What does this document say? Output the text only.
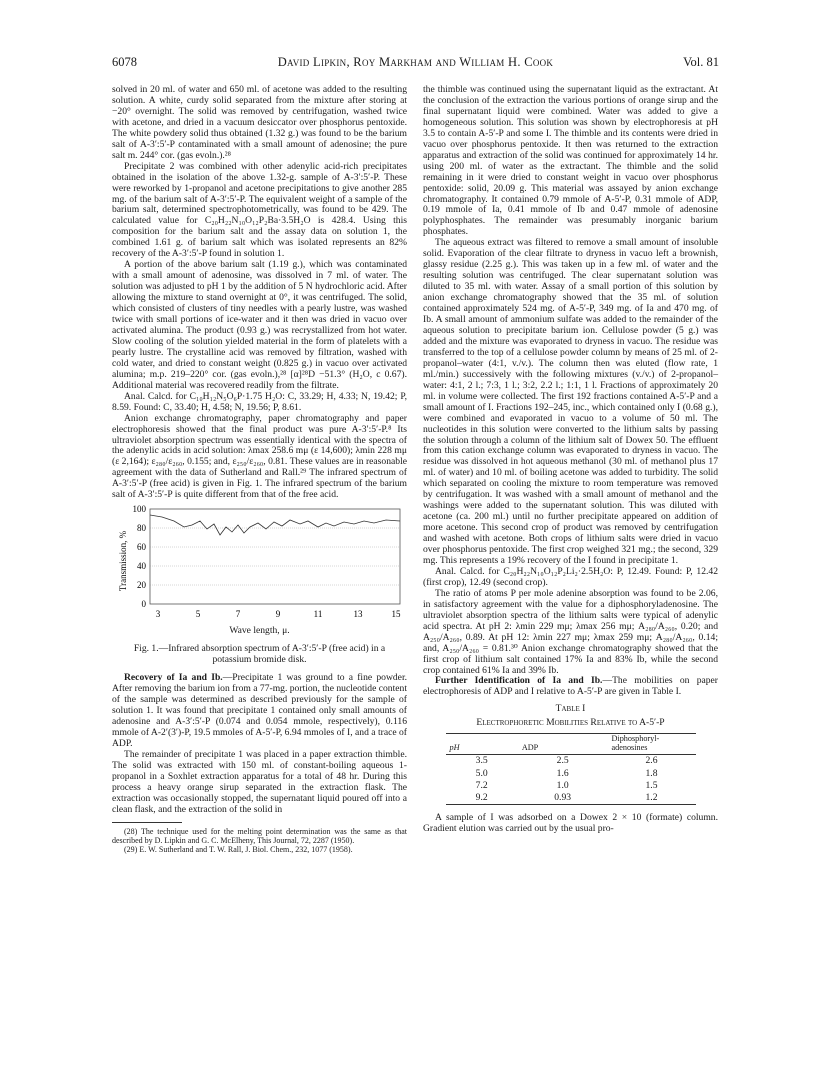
6078	David Lipkin, Roy Markham and William H. Cook	Vol. 81

solved in 20 ml. of water and 650 ml. of acetone was added to the resulting solution. A white, curdy solid separated from the mixture after storing at −20° overnight. The solid was removed by centrifugation, washed twice with acetone, and dried in a vacuum desiccator over phosphorus pentoxide. The white powdery solid thus obtained (1.32 g.) was found to be the barium salt of A-3′:5′-P contaminated with a small amount of adenosine; the pure salt m. 244° cor. (gas evoln.).²⁸

Precipitate 2 was combined with other adenylic acid-rich precipitates obtained in the isolation of the above 1.32-g. sample of A-3′:5′-P. These were reworked by 1-propanol and acetone precipitations to give another 285 mg. of the barium salt of A-3′:5′-P. The equivalent weight of a sample of the barium salt, determined spectrophotometrically, was found to be 429. The calculated value for C₂₀H₂₂N₁₀O₁₂P₂Ba·3.5H₂O is 428.4. Using this composition for the barium salt and the assay data on solution 1, the combined 1.61 g. of barium salt which was isolated represents an 82% recovery of the A-3′:5′-P found in solution 1.

A portion of the above barium salt (1.19 g.), which was contaminated with a small amount of adenosine, was dissolved in 7 ml. of water. The solution was adjusted to pH 1 by the addition of 5 N hydrochloric acid. After allowing the mixture to stand overnight at 0°, it was centrifuged. The solid, which consisted of clusters of tiny needles with a pearly lustre, was washed twice with small portions of ice-water and it then was dried in vacuo over activated alumina. The product (0.93 g.) was recrystallized from hot water. Slow cooling of the solution yielded material in the form of platelets with a pearly lustre. The crystalline acid was removed by filtration, washed with cold water, and dried to constant weight (0.825 g.) in vacuo over activated alumina; m.p. 219–220° cor. (gas evoln.),²⁸ [α]²⁸D −51.3° (H₂O, c 0.67). Additional material was recovered readily from the filtrate.

Anal. Calcd. for C₁₀H₁₂N₅O₆P·1.75 H₂O: C, 33.29; H, 4.33; N, 19.42; P, 8.59. Found: C, 33.40; H, 4.58; N, 19.56; P, 8.61.

Anion exchange chromatography, paper chromatography and paper electrophoresis showed that the final product was pure A-3′:5′-P.⁸ Its ultraviolet absorption spectrum was essentially identical with the spectra of the adenylic acids in acid solution: λmax 258.6 mμ (ε 14,600); λmin 228 mμ (ε 2,164); ε₂₈₀/ε₂₆₀, 0.155; and, ε₂₅₀/ε₂₆₀, 0.81. These values are in reasonable agreement with the data of Sutherland and Rall.²⁹ The infrared spectrum of A-3′:5′-P (free acid) is given in Fig. 1. The infrared spectrum of the barium salt of A-3′:5′-P is quite different from that of the free acid.

Transmission, %
100
80
60
40
20
0
3	5	7	9	11	13	15
Wave length, μ.
Fig. 1.—Infrared absorption spectrum of A-3′:5′-P (free acid) in a potassium bromide disk.

Recovery of Ia and Ib.—Precipitate 1 was ground to a fine powder. After removing the barium ion from a 77-mg. portion, the nucleotide content of the sample was determined as described previously for the sample of solution 1. It was found that precipitate 1 contained only small amounts of adenosine and A-3′:5′-P (0.074 and 0.054 mmole, respectively), 0.116 mmole of A-2′(3′)-P, 19.5 mmoles of A-5′-P, 6.94 mmoles of I, and a trace of ADP.

The remainder of precipitate 1 was placed in a paper extraction thimble. The solid was extracted with 150 ml. of constant-boiling aqueous 1-propanol in a Soxhlet extraction apparatus for a total of 48 hr. During this process a heavy orange sirup separated in the extraction flask. The extraction was occasionally stopped, the supernatant liquid poured off into a clean flask, and the extraction of the solid in

(28) The technique used for the melting point determination was the same as that described by D. Lipkin and G. C. McElheny, This Journal, 72, 2287 (1950).

(29) E. W. Sutherland and T. W. Rall, J. Biol. Chem., 232, 1077 (1958).

the thimble was continued using the supernatant liquid as the extractant. At the conclusion of the extraction the various portions of orange sirup and the final supernatant liquid were combined. Water was added to give a homogeneous solution. This solution was shown by electrophoresis at pH 3.5 to contain A-5′-P and some I. The thimble and its contents were dried in vacuo over phosphorus pentoxide. It then was returned to the extraction apparatus and extraction of the solid was continued for approximately 14 hr. using 200 ml. of water as the extractant. The thimble and the solid remaining in it were dried to constant weight in vacuo over phosphorus pentoxide: solid, 20.09 g. This material was assayed by anion exchange chromatography. It contained 0.79 mmole of A-5′-P, 0.31 mmole of ADP, 0.19 mmole of Ia, 0.41 mmole of Ib and 0.47 mmole of adenosine polyphosphates. The remainder was presumably inorganic barium phosphates.

The aqueous extract was filtered to remove a small amount of insoluble solid. Evaporation of the clear filtrate to dryness in vacuo left a brownish, glassy residue (2.25 g.). This was taken up in a few ml. of water and the resulting solution was centrifuged. The clear supernatant solution was diluted to 35 ml. with water. Assay of a small portion of this solution by anion exchange chromatography showed that the 35 ml. of solution contained approximately 524 mg. of A-5′-P, 349 mg. of Ia and 470 mg. of Ib. A small amount of ammonium sulfate was added to the remainder of the aqueous solution to precipitate barium ion. Cellulose powder (5 g.) was added and the mixture was evaporated to dryness in vacuo. The residue was transferred to the top of a cellulose powder column by means of 25 ml. of 2-propanol–water (4:1, v./v.). The column then was eluted (flow rate, 1 ml./min.) successively with the following mixtures (v./v.) of 2-propanol–water: 4:1, 2 l.; 7:3, 1 l.; 3:2, 2.2 l.; 1:1, 1 l. Fractions of approximately 20 ml. in volume were collected. The first 192 fractions contained A-5′-P and a small amount of I. Fractions 192–245, inc., which contained only I (0.68 g.), were combined and evaporated in vacuo to a volume of 50 ml. The nucleotides in this solution were converted to the lithium salts by passing the solution through a column of the lithium salt of Dowex 50. The effluent from this cation exchange column was evaporated to dryness in vacuo. The residue was dissolved in hot aqueous methanol (30 ml. of methanol plus 17 ml. of water) and 10 ml. of boiling acetone was added to turbidity. The solid which separated on cooling the mixture to room temperature was removed by centrifugation. It was washed with a small amount of methanol and the washings were added to the supernatant solution. This was diluted with acetone (ca. 200 ml.) until no further precipitate appeared on addition of more acetone. This second crop of product was removed by centrifugation and washed with acetone. Both crops of lithium salts were dried in vacuo over phosphorus pentoxide. The first crop weighed 321 mg.; the second, 329 mg. This represents a 19% recovery of the I found in precipitate 1.

Anal. Calcd. for C₂₀H₂₂N₁₀O₁₂P₂Li₂·2.5H₂O: P, 12.49. Found: P, 12.42 (first crop), 12.49 (second crop).

The ratio of atoms P per mole adenine absorption was found to be 2.06, in satisfactory agreement with the value for a diphosphoryladenosine. The ultraviolet absorption spectra of the lithium salts were typical of adenylic acid spectra. At pH 2: λmin 229 mμ; λmax 256 mμ; A₂₈₀/A₂₆₀, 0.20; and A₂₅₀/A₂₆₀, 0.89. At pH 12: λmin 227 mμ; λmax 259 mμ; A₂₈₀/A₂₆₀, 0.14; and, A₂₅₀/A₂₆₀ = 0.81.³⁰ Anion exchange chromatography showed that the first crop of lithium salt contained 17% Ia and 83% Ib, while the second crop contained 61% Ia and 39% Ib.

Further Identification of Ia and Ib.—The mobilities on paper electrophoresis of ADP and I relative to A-5′-P are given in Table I.

Table I
Electrophoretic Mobilities Relative to A-5′-P
pH	ADP	Diphosphoryl-adenosines
3.5	2.5	2.6
5.0	1.6	1.8
7.2	1.0	1.5
9.2	0.93	1.2

A sample of I was adsorbed on a Dowex 2 × 10 (formate) column. Gradient elution was carried out by the usual pro-
